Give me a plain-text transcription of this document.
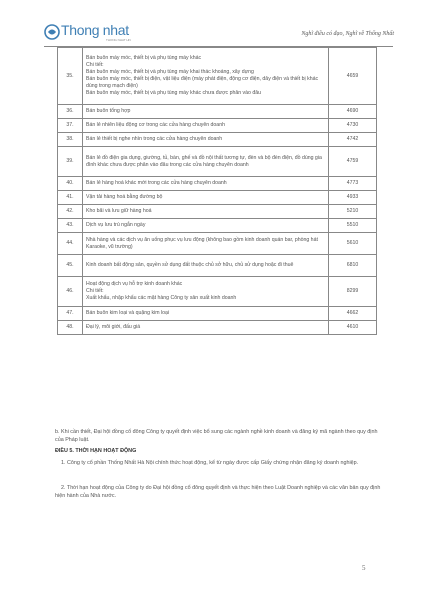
Thong nhat
THONG NHAT HN
Nghĩ điều có đạo, Nghĩ về Thống Nhất
35.	Bán buôn máy móc, thiết bị và phụ tùng máy khác
Chi tiết:
Bán buôn máy móc, thiết bị và phụ tùng máy khai thác khoáng, xây dựng
Bán buôn máy móc, thiết bị điện, vật liệu điện (máy phát điện, động cơ điện, dây điện và thiết bị khác dùng trong mạch điện)
Bán buôn máy móc, thiết bị và phụ tùng máy khác chưa được phân vào đâu	4659
36.	Bán buôn tổng hợp	4690
37.	Bán lẻ nhiên liệu động cơ trong các cửa hàng chuyên doanh	4730
38.	Bán lẻ thiết bị nghe nhìn trong các cửa hàng chuyên doanh	4742
39.	Bán lẻ đồ điện gia dụng, giường, tủ, bàn, ghế và đồ nội thất tương tự, đèn và bộ đèn điện, đồ dùng gia đình khác chưa được phân vào đâu trong các cửa hàng chuyên doanh	4759
40.	Bán lẻ hàng hoá khác mới trong các cửa hàng chuyên doanh	4773
41.	Vận tải hàng hoá bằng đường bộ	4933
42.	Kho bãi và lưu giữ hàng hoá	5210
43.	Dịch vụ lưu trú ngắn ngày	5510
44.	Nhà hàng và các dịch vụ ăn uống phục vụ lưu động (không bao gồm kinh doanh quán bar, phòng hát Karaoke, vũ trường)	5610
45.	Kinh doanh bất động sản, quyền sử dụng đất thuộc chủ sở hữu, chủ sử dụng hoặc đi thuê	6810
46.	Hoạt động dịch vụ hỗ trợ kinh doanh khác
Chi tiết:
Xuất khẩu, nhập khẩu các mặt hàng Công ty sản xuất kinh doanh	8299
47.	Bán buôn kim loại và quặng kim loại	4662
48.	Đại lý, môi giới, đấu giá	4610
b. Khi cần thiết, Đại hội đồng cổ đông Công ty quyết định việc bổ sung các ngành nghề kinh doanh và đăng ký mã ngành theo quy định của Pháp luật.
ĐIỀU 5. THỜI HẠN HOẠT ĐỘNG
1. Công ty cổ phần Thống Nhất Hà Nội chính thức hoạt động, kể từ ngày được cấp Giấy chứng nhận đăng ký doanh nghiệp.
2. Thời hạn hoạt động của Công ty do Đại hội đồng cổ đông quyết định và thực hiện theo Luật Doanh nghiệp và các văn bản quy định hiện hành của Nhà nước.
5
